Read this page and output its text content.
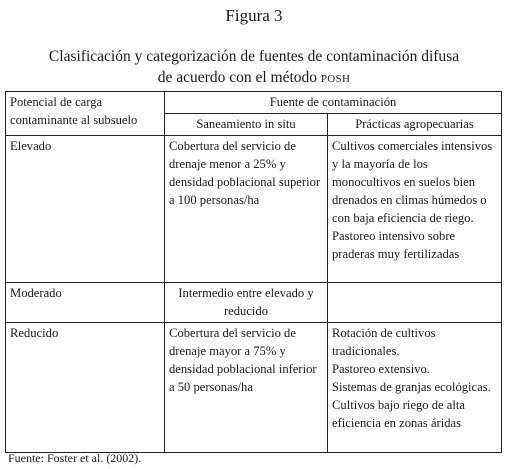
Figura 3
Clasificación y categorización de fuentes de contaminación difusa
de acuerdo con el método posh
Potencial de carga contaminante al subsuelo	Fuente de contaminación	
	Saneamiento in situ	Prácticas agropecuarias
Elevado	Cobertura del servicio de drenaje menor a 25% y densidad poblacional superior a 100 personas/ha	Cultivos comerciales intensivos y la mayoría de los monocultivos en suelos bien drenados en climas húmedos o con baja eficiencia de riego.
Pastoreo intensivo sobre praderas muy fertilizadas

Moderado	Intermedio entre elevado y reducido	
Reducido	Cobertura del servicio de drenaje mayor a 75% y densidad poblacional inferior a 50 personas/ha	Rotación de cultivos tradicionales.
Pastoreo extensivo.
Sistemas de granjas ecológicas.
Cultivos bajo riego de alta eficiencia en zonas áridas
Fuente: Foster et al. (2002).
